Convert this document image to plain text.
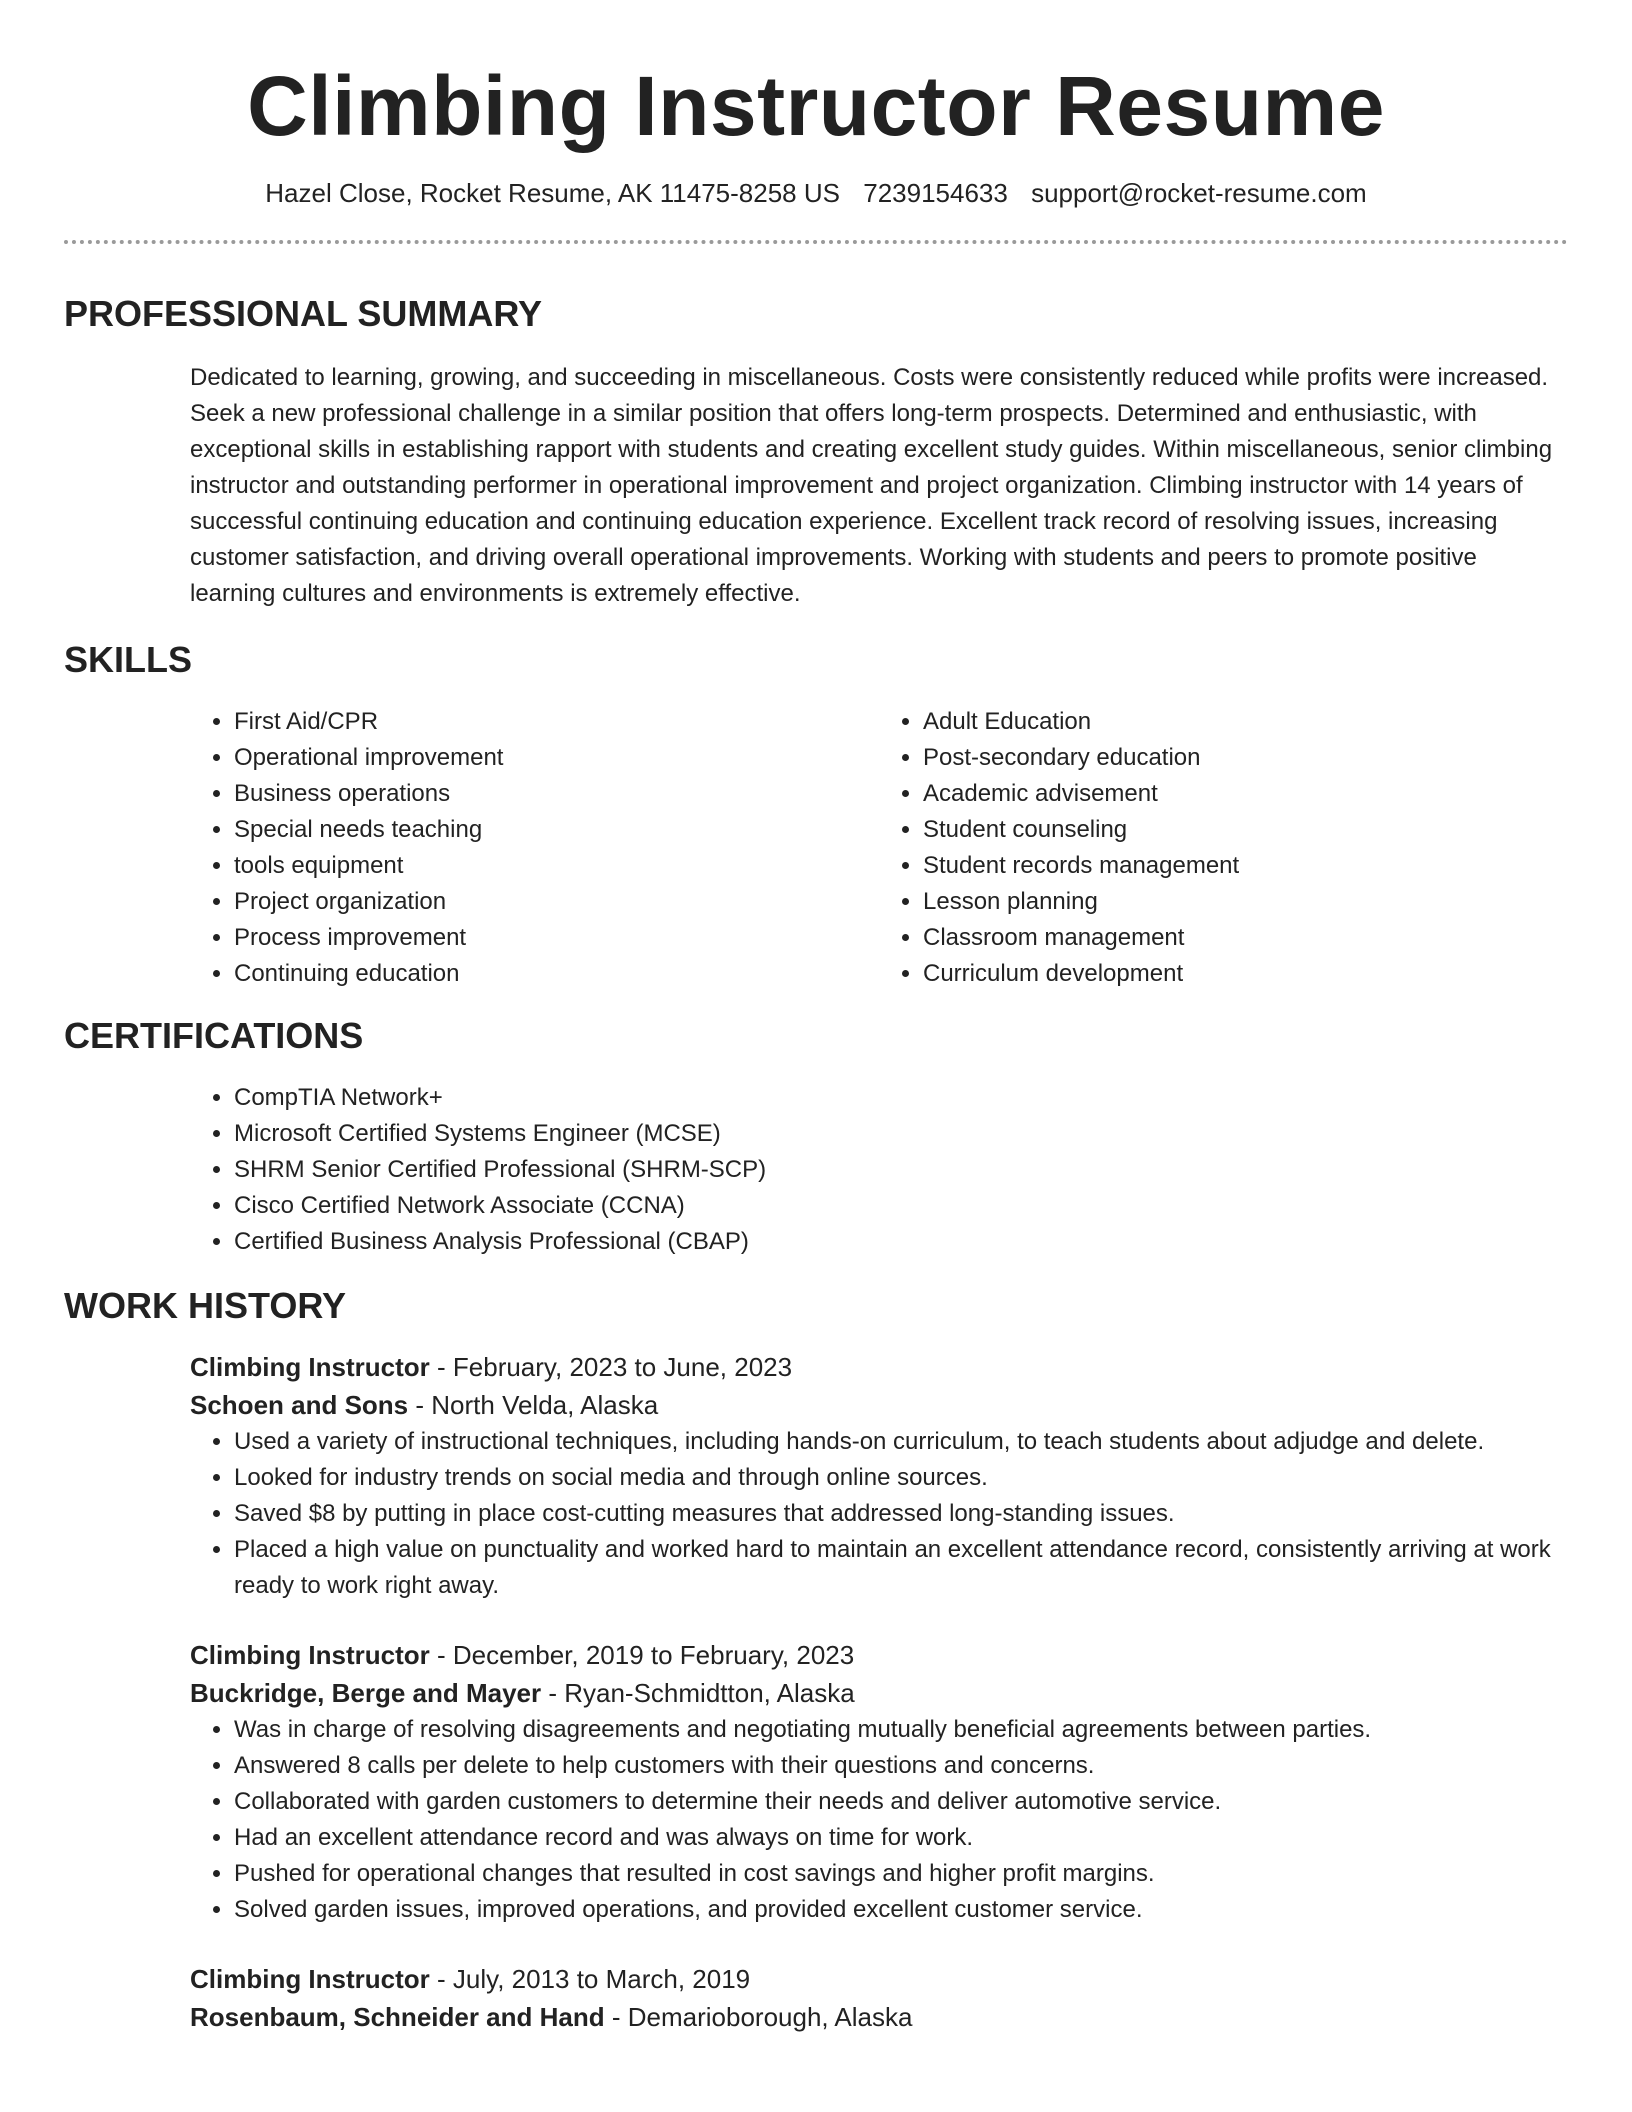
Climbing Instructor Resume
Hazel Close, Rocket Resume, AK 11475-8258 US 7239154633 support@rocket-resume.com
PROFESSIONAL SUMMARY

Dedicated to learning, growing, and succeeding in miscellaneous. Costs were consistently reduced while profits were increased. Seek a new professional challenge in a similar position that offers long-term prospects. Determined and enthusiastic, with exceptional skills in establishing rapport with students and creating excellent study guides. Within miscellaneous, senior climbing instructor and outstanding performer in operational improvement and project organization. Climbing instructor with 14 years of successful continuing education and continuing education experience. Excellent track record of resolving issues, increasing customer satisfaction, and driving overall operational improvements. Working with students and peers to promote positive learning cultures and environments is extremely effective.

SKILLS
• First Aid/CPR
• Operational improvement
• Business operations
• Special needs teaching
• tools equipment
• Project organization
• Process improvement
• Continuing education
• Adult Education
• Post-secondary education
• Academic advisement
• Student counseling
• Student records management
• Lesson planning
• Classroom management
• Curriculum development
CERTIFICATIONS
• CompTIA Network+
• Microsoft Certified Systems Engineer (MCSE)
• SHRM Senior Certified Professional (SHRM-SCP)
• Cisco Certified Network Associate (CCNA)
• Certified Business Analysis Professional (CBAP)
WORK HISTORY
Climbing Instructor - February, 2023 to June, 2023
Schoen and Sons - North Velda, Alaska
• Used a variety of instructional techniques, including hands-on curriculum, to teach students about adjudge and delete.
• Looked for industry trends on social media and through online sources.
• Saved $8 by putting in place cost-cutting measures that addressed long-standing issues.
• Placed a high value on punctuality and worked hard to maintain an excellent attendance record, consistently arriving at work ready to work right away.
Climbing Instructor - December, 2019 to February, 2023
Buckridge, Berge and Mayer - Ryan-Schmidtton, Alaska
• Was in charge of resolving disagreements and negotiating mutually beneficial agreements between parties.
• Answered 8 calls per delete to help customers with their questions and concerns.
• Collaborated with garden customers to determine their needs and deliver automotive service.
• Had an excellent attendance record and was always on time for work.
• Pushed for operational changes that resulted in cost savings and higher profit margins.
• Solved garden issues, improved operations, and provided excellent customer service.
Climbing Instructor - July, 2013 to March, 2019
Rosenbaum, Schneider and Hand - Demarioborough, Alaska
